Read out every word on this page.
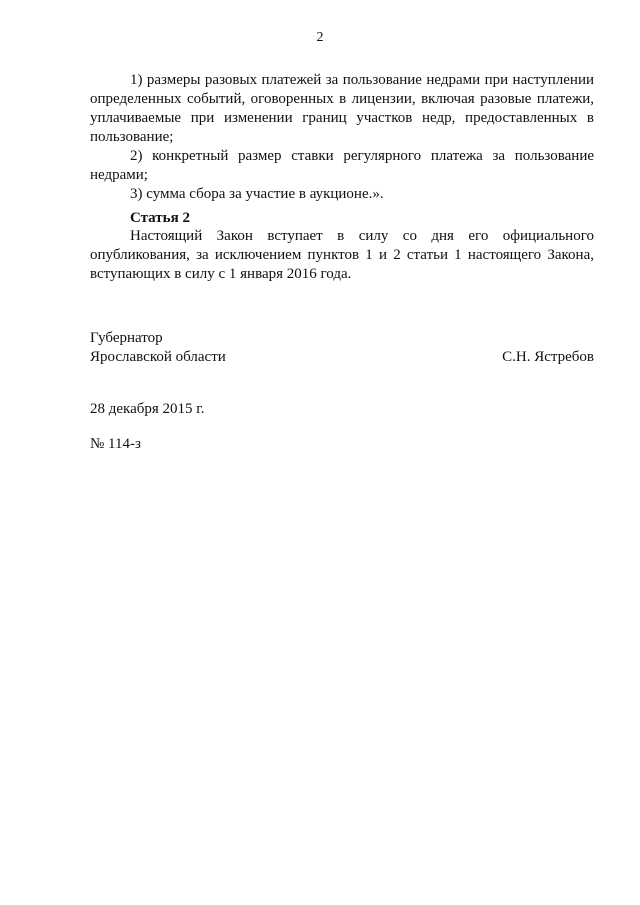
2

1) размеры разовых платежей за пользование недрами при наступлении определенных событий, оговоренных в лицензии, включая разовые платежи, уплачиваемые при изменении границ участков недр, предоставленных в пользование;

2) конкретный размер ставки регулярного платежа за пользование недрами;

3) сумма сбора за участие в аукционе.».

Статья 2

Настоящий Закон вступает в силу со дня его официального опубликования, за исключением пунктов 1 и 2 статьи 1 настоящего Закона, вступающих в силу с 1 января 2016 года.

Губернатор
Ярославской области	С.Н. Ястребов
28 декабря 2015 г.
№ 114-з
